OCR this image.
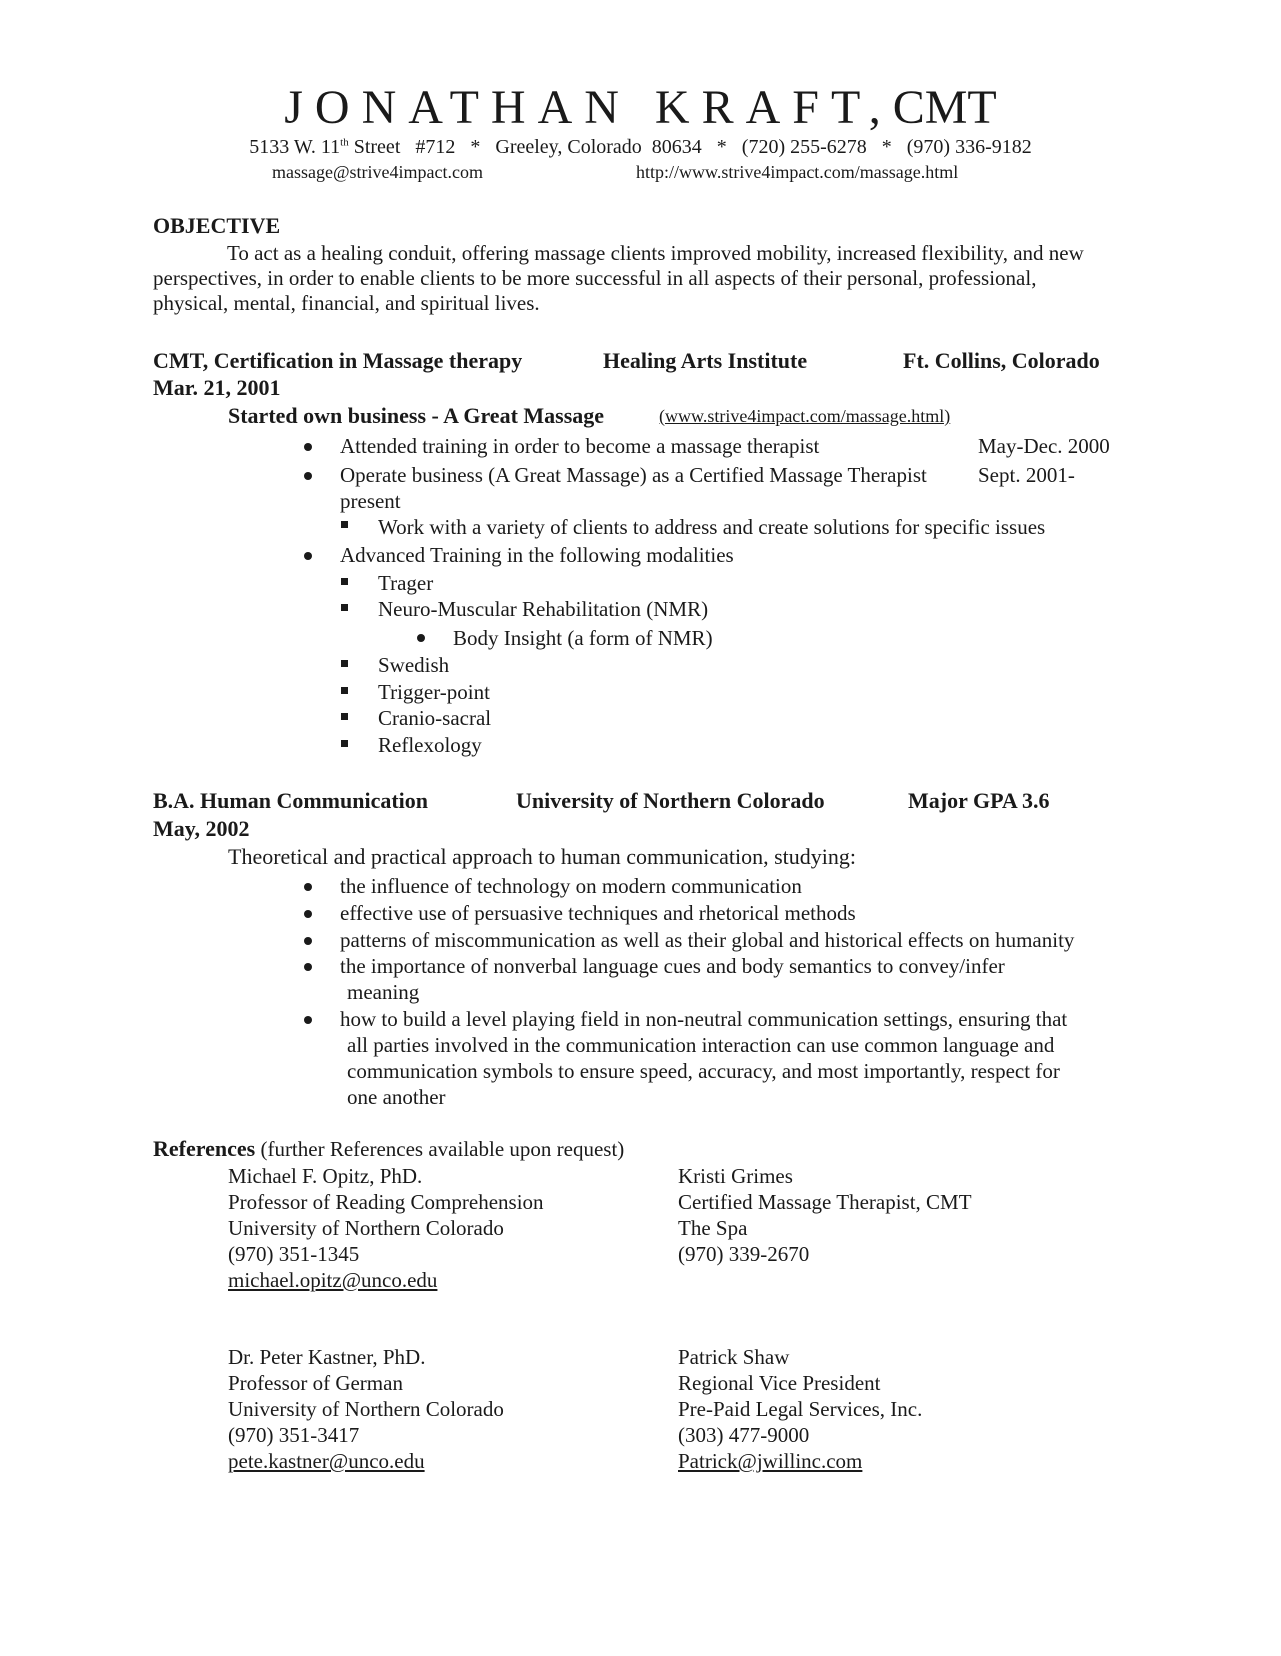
JONATHAN KRAFT,CMT
5133 W. 11th Street   #712   *   Greeley, Colorado  80634   *   (720) 255-6278   *   (970) 336-9182
massage@strive4impact.com	http://www.strive4impact.com/massage.html
OBJECTIVE
To act as a healing conduit, offering massage clients improved mobility, increased flexibility, and new
perspectives, in order to enable clients to be more successful in all aspects of their personal, professional,
physical, mental, financial, and spiritual lives.
CMT, Certification in Massage therapy	Healing Arts Institute	Ft. Collins, Colorado
Mar. 21, 2001
Started own business - A Great Massage	(www.strive4impact.com/massage.html)
Attended training in order to become a massage therapist	May-Dec. 2000
Operate business (A Great Massage) as a Certified Massage Therapist Sept. 2001-
present
Work with a variety of clients to address and create solutions for specific issues
Advanced Training in the following modalities
Trager
Neuro-Muscular Rehabilitation (NMR)
Body Insight (a form of NMR)
Swedish
Trigger-point
Cranio-sacral
Reflexology
B.A. Human Communication	University of Northern Colorado	Major GPA 3.6
May, 2002
Theoretical and practical approach to human communication, studying:
the influence of technology on modern communication
effective use of persuasive techniques and rhetorical methods
patterns of miscommunication as well as their global and historical effects on humanity
the importance of nonverbal language cues and body semantics to convey/infer
meaning
how to build a level playing field in non-neutral communication settings, ensuring that
all parties involved in the communication interaction can use common language and
communication symbols to ensure speed, accuracy, and most importantly, respect for
one another
References (further References available upon request)
Michael F. Opitz, PhD.
Professor of Reading Comprehension
University of Northern Colorado
(970) 351-1345
michael.opitz@unco.edu
Kristi Grimes
Certified Massage Therapist, CMT
The Spa
(970) 339-2670
Dr. Peter Kastner, PhD.
Professor of German
University of Northern Colorado
(970) 351-3417
pete.kastner@unco.edu
Patrick Shaw
Regional Vice President
Pre-Paid Legal Services, Inc.
(303) 477-9000
Patrick@jwillinc.com
